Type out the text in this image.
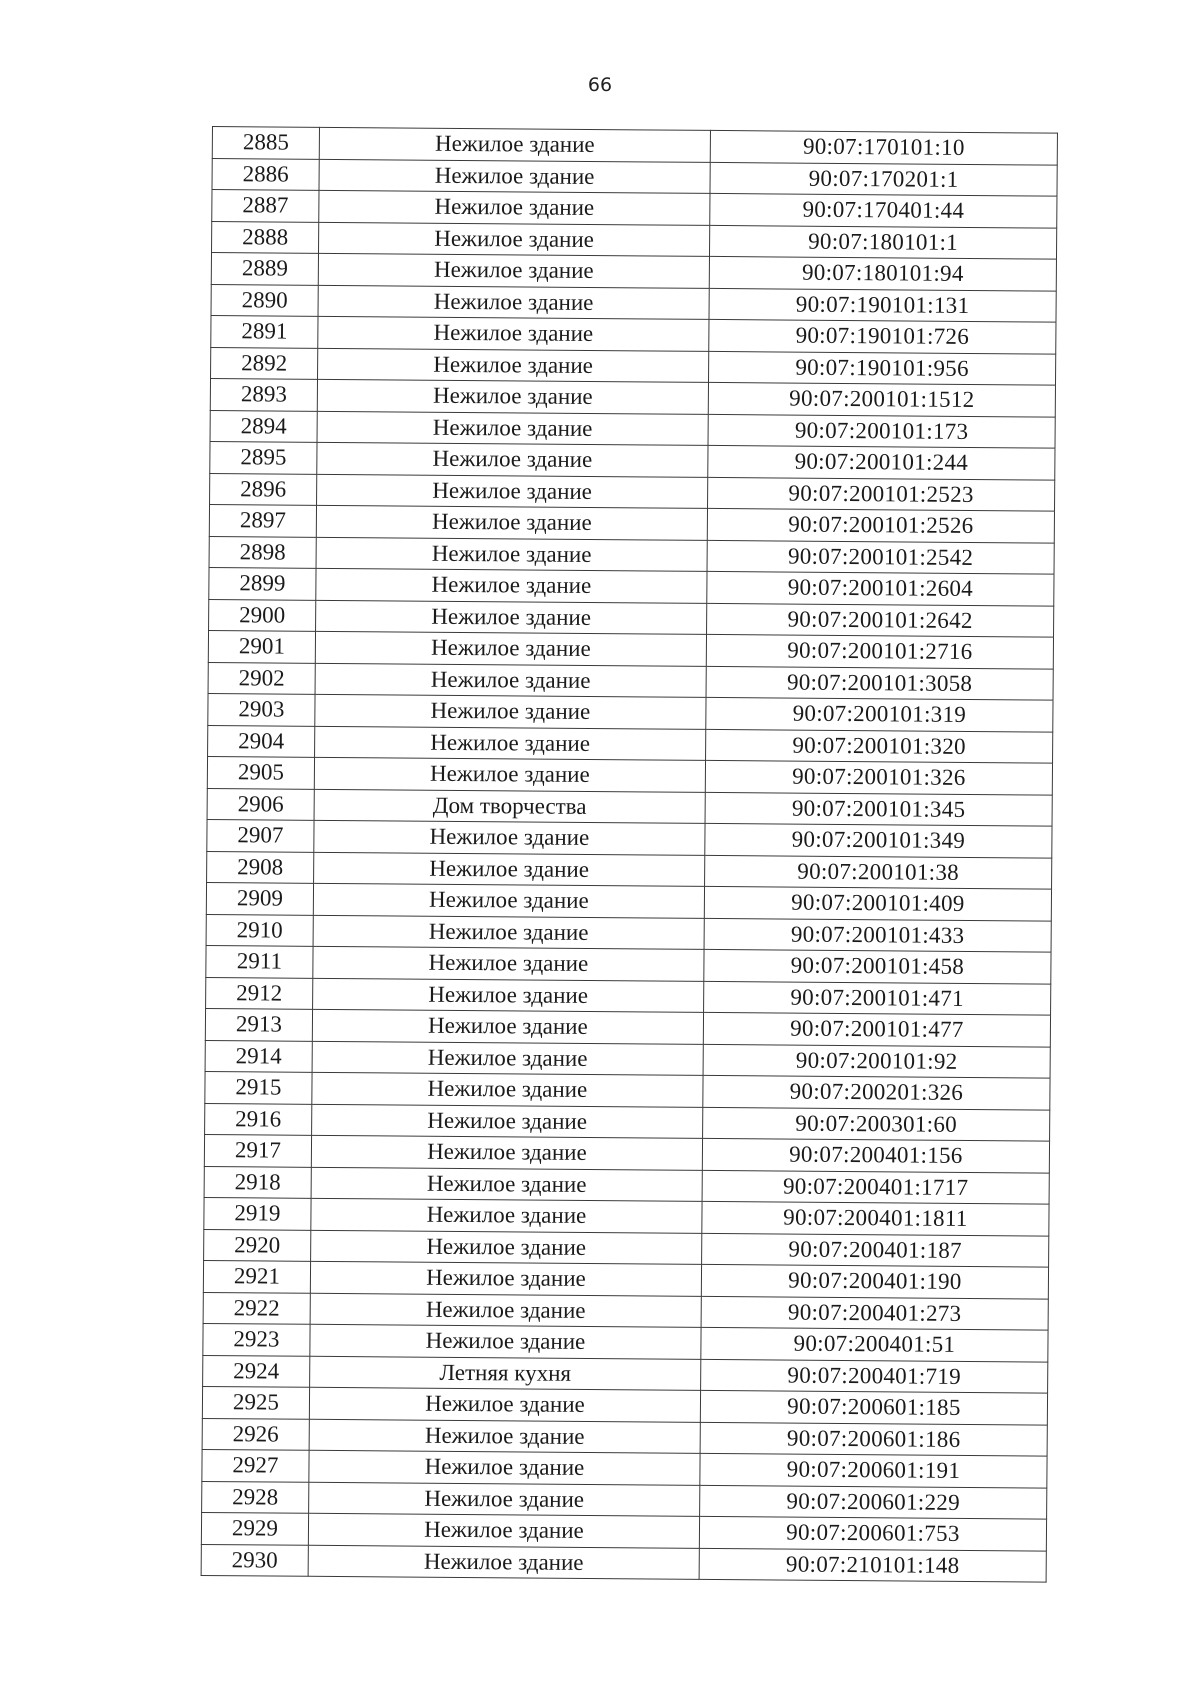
66
2885	Нежилое здание	90:07:170101:10
2886	Нежилое здание	90:07:170201:1
2887	Нежилое здание	90:07:170401:44
2888	Нежилое здание	90:07:180101:1
2889	Нежилое здание	90:07:180101:94
2890	Нежилое здание	90:07:190101:131
2891	Нежилое здание	90:07:190101:726
2892	Нежилое здание	90:07:190101:956
2893	Нежилое здание	90:07:200101:1512
2894	Нежилое здание	90:07:200101:173
2895	Нежилое здание	90:07:200101:244
2896	Нежилое здание	90:07:200101:2523
2897	Нежилое здание	90:07:200101:2526
2898	Нежилое здание	90:07:200101:2542
2899	Нежилое здание	90:07:200101:2604
2900	Нежилое здание	90:07:200101:2642
2901	Нежилое здание	90:07:200101:2716
2902	Нежилое здание	90:07:200101:3058
2903	Нежилое здание	90:07:200101:319
2904	Нежилое здание	90:07:200101:320
2905	Нежилое здание	90:07:200101:326
2906	Дом творчества	90:07:200101:345
2907	Нежилое здание	90:07:200101:349
2908	Нежилое здание	90:07:200101:38
2909	Нежилое здание	90:07:200101:409
2910	Нежилое здание	90:07:200101:433
2911	Нежилое здание	90:07:200101:458
2912	Нежилое здание	90:07:200101:471
2913	Нежилое здание	90:07:200101:477
2914	Нежилое здание	90:07:200101:92
2915	Нежилое здание	90:07:200201:326
2916	Нежилое здание	90:07:200301:60
2917	Нежилое здание	90:07:200401:156
2918	Нежилое здание	90:07:200401:1717
2919	Нежилое здание	90:07:200401:1811
2920	Нежилое здание	90:07:200401:187
2921	Нежилое здание	90:07:200401:190
2922	Нежилое здание	90:07:200401:273
2923	Нежилое здание	90:07:200401:51
2924	Летняя кухня	90:07:200401:719
2925	Нежилое здание	90:07:200601:185
2926	Нежилое здание	90:07:200601:186
2927	Нежилое здание	90:07:200601:191
2928	Нежилое здание	90:07:200601:229
2929	Нежилое здание	90:07:200601:753
2930	Нежилое здание	90:07:210101:148
